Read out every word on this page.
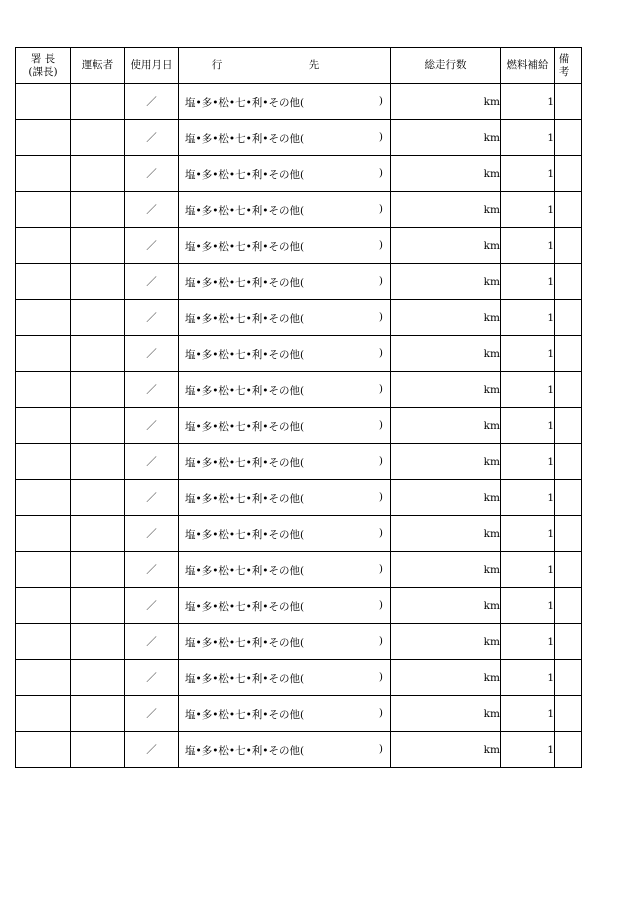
署 長
(課長)	運転者	使用月日	行　先	総走行数	燃料補給	備 考
		／	塩•多•松•七•利•その他( )	km	1	
		／	塩•多•松•七•利•その他( )	km	1	
		／	塩•多•松•七•利•その他( )	km	1	
		／	塩•多•松•七•利•その他( )	km	1	
		／	塩•多•松•七•利•その他( )	km	1	
		／	塩•多•松•七•利•その他( )	km	1	
		／	塩•多•松•七•利•その他( )	km	1	
		／	塩•多•松•七•利•その他( )	km	1	
		／	塩•多•松•七•利•その他( )	km	1	
		／	塩•多•松•七•利•その他( )	km	1	
		／	塩•多•松•七•利•その他( )	km	1	
		／	塩•多•松•七•利•その他( )	km	1	
		／	塩•多•松•七•利•その他( )	km	1	
		／	塩•多•松•七•利•その他( )	km	1	
		／	塩•多•松•七•利•その他( )	km	1	
		／	塩•多•松•七•利•その他( )	km	1	
		／	塩•多•松•七•利•その他( )	km	1	
		／	塩•多•松•七•利•その他( )	km	1	
		／	塩•多•松•七•利•その他( )	km	1	
